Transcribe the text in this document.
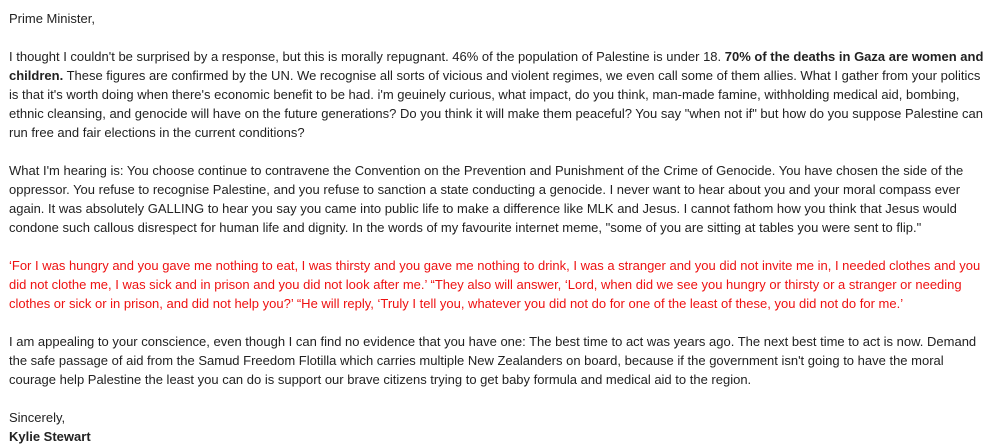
Prime Minister,

I thought I couldn't be surprised by a response, but this is morally repugnant. 46% of the population of Palestine is under 18. 70% of the deaths in Gaza are women and children. These figures are confirmed by the UN. We recognise all sorts of vicious and violent regimes, we even call some of them allies. What I gather from your politics is that it's worth doing when there's economic benefit to be had. i'm geuinely curious, what impact, do you think, man-made famine, withholding medical aid, bombing, ethnic cleansing, and genocide will have on the future generations? Do you think it will make them peaceful? You say "when not if" but how do you suppose Palestine can run free and fair elections in the current conditions?

What I'm hearing is: You choose continue to contravene the Convention on the Prevention and Punishment of the Crime of Genocide. You have chosen the side of the oppressor. You refuse to recognise Palestine, and you refuse to sanction a state conducting a genocide. I never want to hear about you and your moral compass ever again. It was absolutely GALLING to hear you say you came into public life to make a difference like MLK and Jesus. I cannot fathom how you think that Jesus would condone such callous disrespect for human life and dignity. In the words of my favourite internet meme, "some of you are sitting at tables you were sent to flip."

‘For I was hungry and you gave me nothing to eat, I was thirsty and you gave me nothing to drink, I was a stranger and you did not invite me in, I needed clothes and you did not clothe me, I was sick and in prison and you did not look after me.’ “They also will answer, ‘Lord, when did we see you hungry or thirsty or a stranger or needing clothes or sick or in prison, and did not help you?’ “He will reply, ‘Truly I tell you, whatever you did not do for one of the least of these, you did not do for me.’

I am appealing to your conscience, even though I can find no evidence that you have one: The best time to act was years ago. The next best time to act is now. Demand the safe passage of aid from the Samud Freedom Flotilla which carries multiple New Zealanders on board, because if the government isn't going to have the moral courage help Palestine the least you can do is support our brave citizens trying to get baby formula and medical aid to the region.

Sincerely,

Kylie Stewart
